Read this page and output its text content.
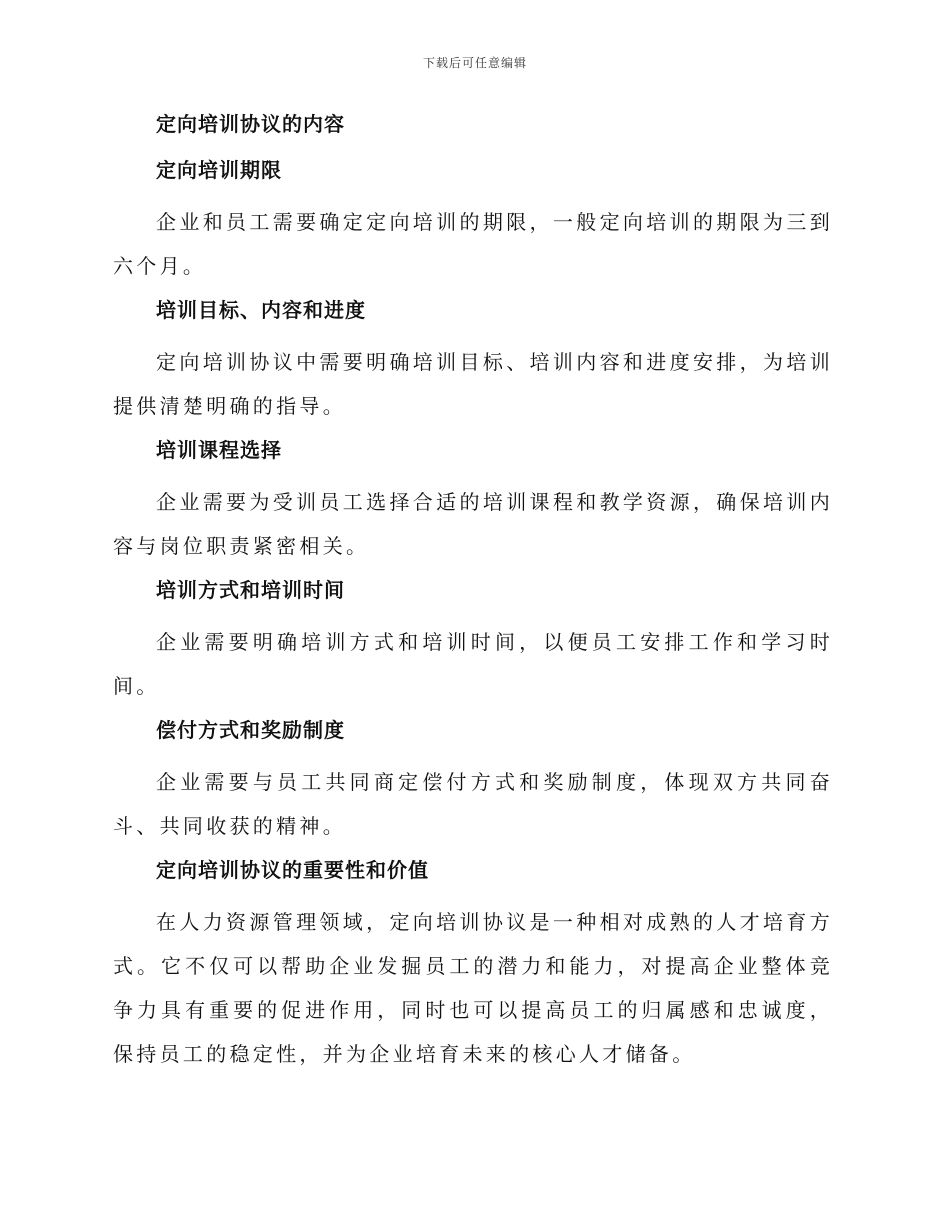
下载后可任意编辑
定向培训协议的内容
定向培训期限
企业和员工需要确定定向培训的期限，一般定向培训的期限为三到六个月。
培训目标、内容和进度
定向培训协议中需要明确培训目标、培训内容和进度安排，为培训提供清楚明确的指导。
培训课程选择
企业需要为受训员工选择合适的培训课程和教学资源，确保培训内容与岗位职责紧密相关。
培训方式和培训时间
企业需要明确培训方式和培训时间，以便员工安排工作和学习时间。
偿付方式和奖励制度
企业需要与员工共同商定偿付方式和奖励制度，体现双方共同奋斗、共同收获的精神。
定向培训协议的重要性和价值
在人力资源管理领域，定向培训协议是一种相对成熟的人才培育方式。它不仅可以帮助企业发掘员工的潜力和能力，对提高企业整体竞争力具有重要的促进作用，同时也可以提高员工的归属感和忠诚度，保持员工的稳定性，并为企业培育未来的核心人才储备。
